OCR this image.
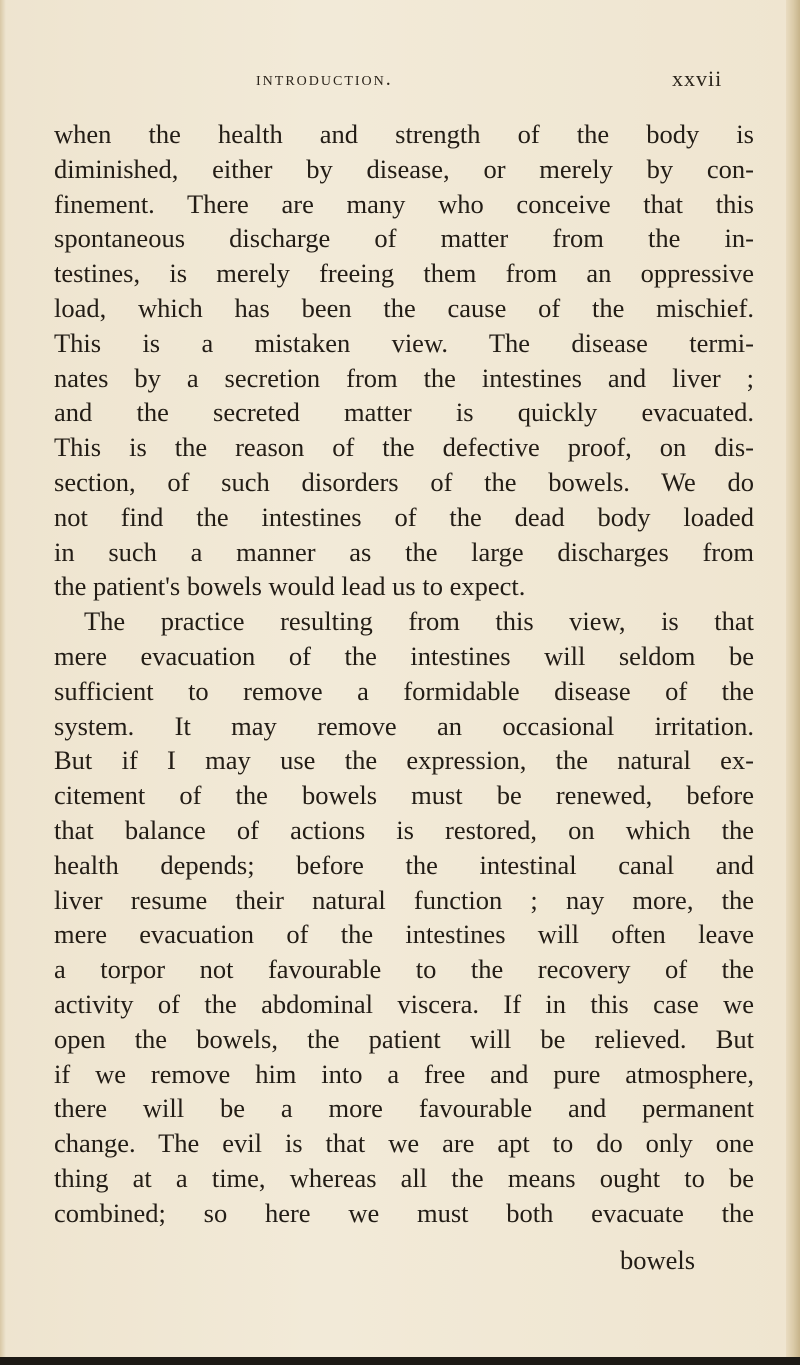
introduction.	xxvii
when the health and strength of the body is
diminished, either by disease, or merely by con-
finement. There are many who conceive that this
spontaneous discharge of matter from the in-
testines, is merely freeing them from an oppressive
load, which has been the cause of the mischief.
This is a mistaken view. The disease termi-
nates by a secretion from the intestines and liver ;
and the secreted matter is quickly evacuated.
This is the reason of the defective proof, on dis-
section, of such disorders of the bowels. We do
not find the intestines of the dead body loaded
in such a manner as the large discharges from
the patient's bowels would lead us to expect.
The practice resulting from this view, is that
mere evacuation of the intestines will seldom be
sufficient to remove a formidable disease of the
system. It may remove an occasional irritation.
But if I may use the expression, the natural ex-
citement of the bowels must be renewed, before
that balance of actions is restored, on which the
health depends; before the intestinal canal and
liver resume their natural function ; nay more, the
mere evacuation of the intestines will often leave
a torpor not favourable to the recovery of the
activity of the abdominal viscera. If in this case we
open the bowels, the patient will be relieved. But
if we remove him into a free and pure atmosphere,
there will be a more favourable and permanent
change. The evil is that we are apt to do only one
thing at a time, whereas all the means ought to be
combined; so here we must both evacuate the
bowels
